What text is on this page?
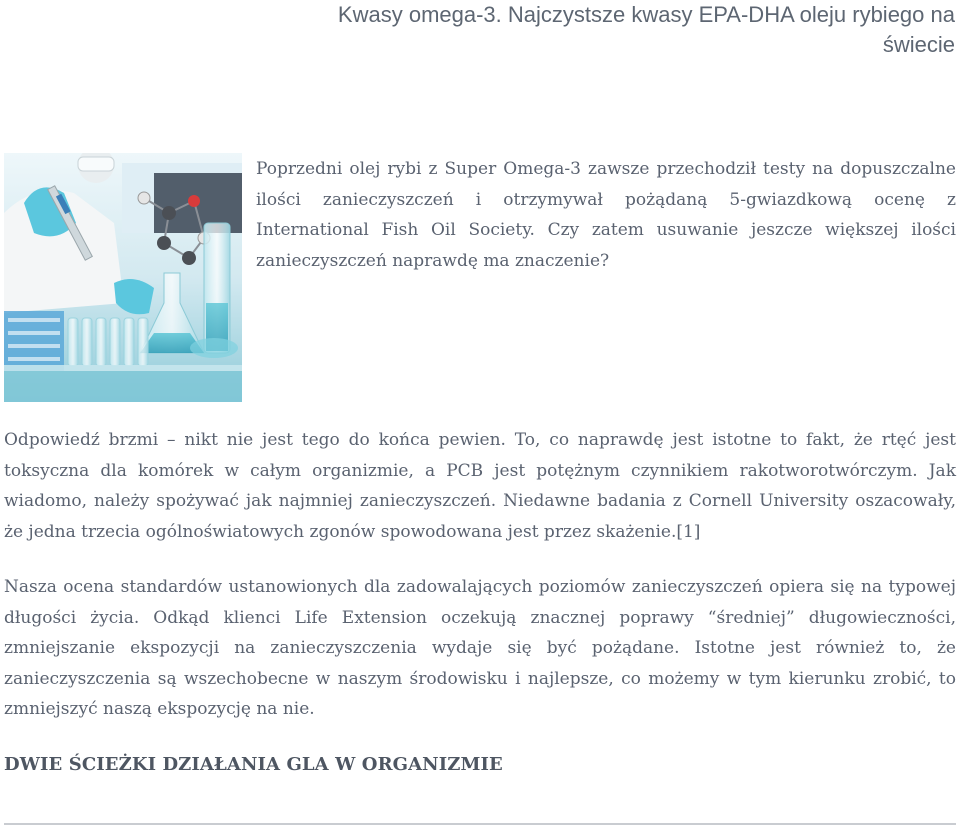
Kwasy omega-3. Najczystsze kwasy EPA-DHA oleju rybiego na świecie

Poprzedni olej rybi z Super Omega-3 zawsze przechodził testy na dopuszczalne ilości zanieczyszczeń i otrzymywał pożądaną 5-gwiazdkową ocenę z International Fish Oil Society. Czy zatem usuwanie jeszcze większej ilości zanieczyszczeń naprawdę ma znaczenie?

Odpowiedź brzmi – nikt nie jest tego do końca pewien. To, co naprawdę jest istotne to fakt, że rtęć jest toksyczna dla komórek w całym organizmie, a PCB jest potężnym czynnikiem rakotworotwórczym. Jak wiadomo, należy spożywać jak najmniej zanieczyszczeń. Niedawne badania z Cornell University oszacowały, że jedna trzecia ogólnoświatowych zgonów spowodowana jest przez skażenie.[1]

Nasza ocena standardów ustanowionych dla zadowalających poziomów zanieczyszczeń opiera się na typowej długości życia. Odkąd klienci Life Extension oczekują znacznej poprawy “średniej” długowieczności, zmniejszanie ekspozycji na zanieczyszczenia wydaje się być pożądane. Istotne jest również to, że zanieczyszczenia są wszechobecne w naszym środowisku i najlepsze, co możemy w tym kierunku zrobić, to zmniejszyć naszą ekspozycję na nie.

DWIE ŚCIEŻKI DZIAŁANIA GLA W ORGANIZMIE
